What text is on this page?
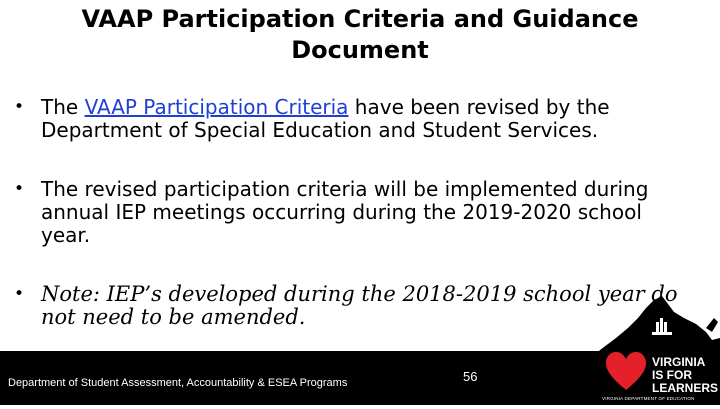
VAAP Participation Criteria and Guidance Document
• The VAAP Participation Criteria have been revised by the Department of Special Education and Student Services.
• The revised participation criteria will be implemented during annual IEP meetings occurring during the 2019-2020 school year.
• Note: IEP’s developed during the 2018-2019 school year do not need to be amended.
Department of Student Assessment, Accountability & ESEA Programs	56
VIRGINIA
IS FOR
LEARNERS
VIRGINIA DEPARTMENT OF EDUCATION
